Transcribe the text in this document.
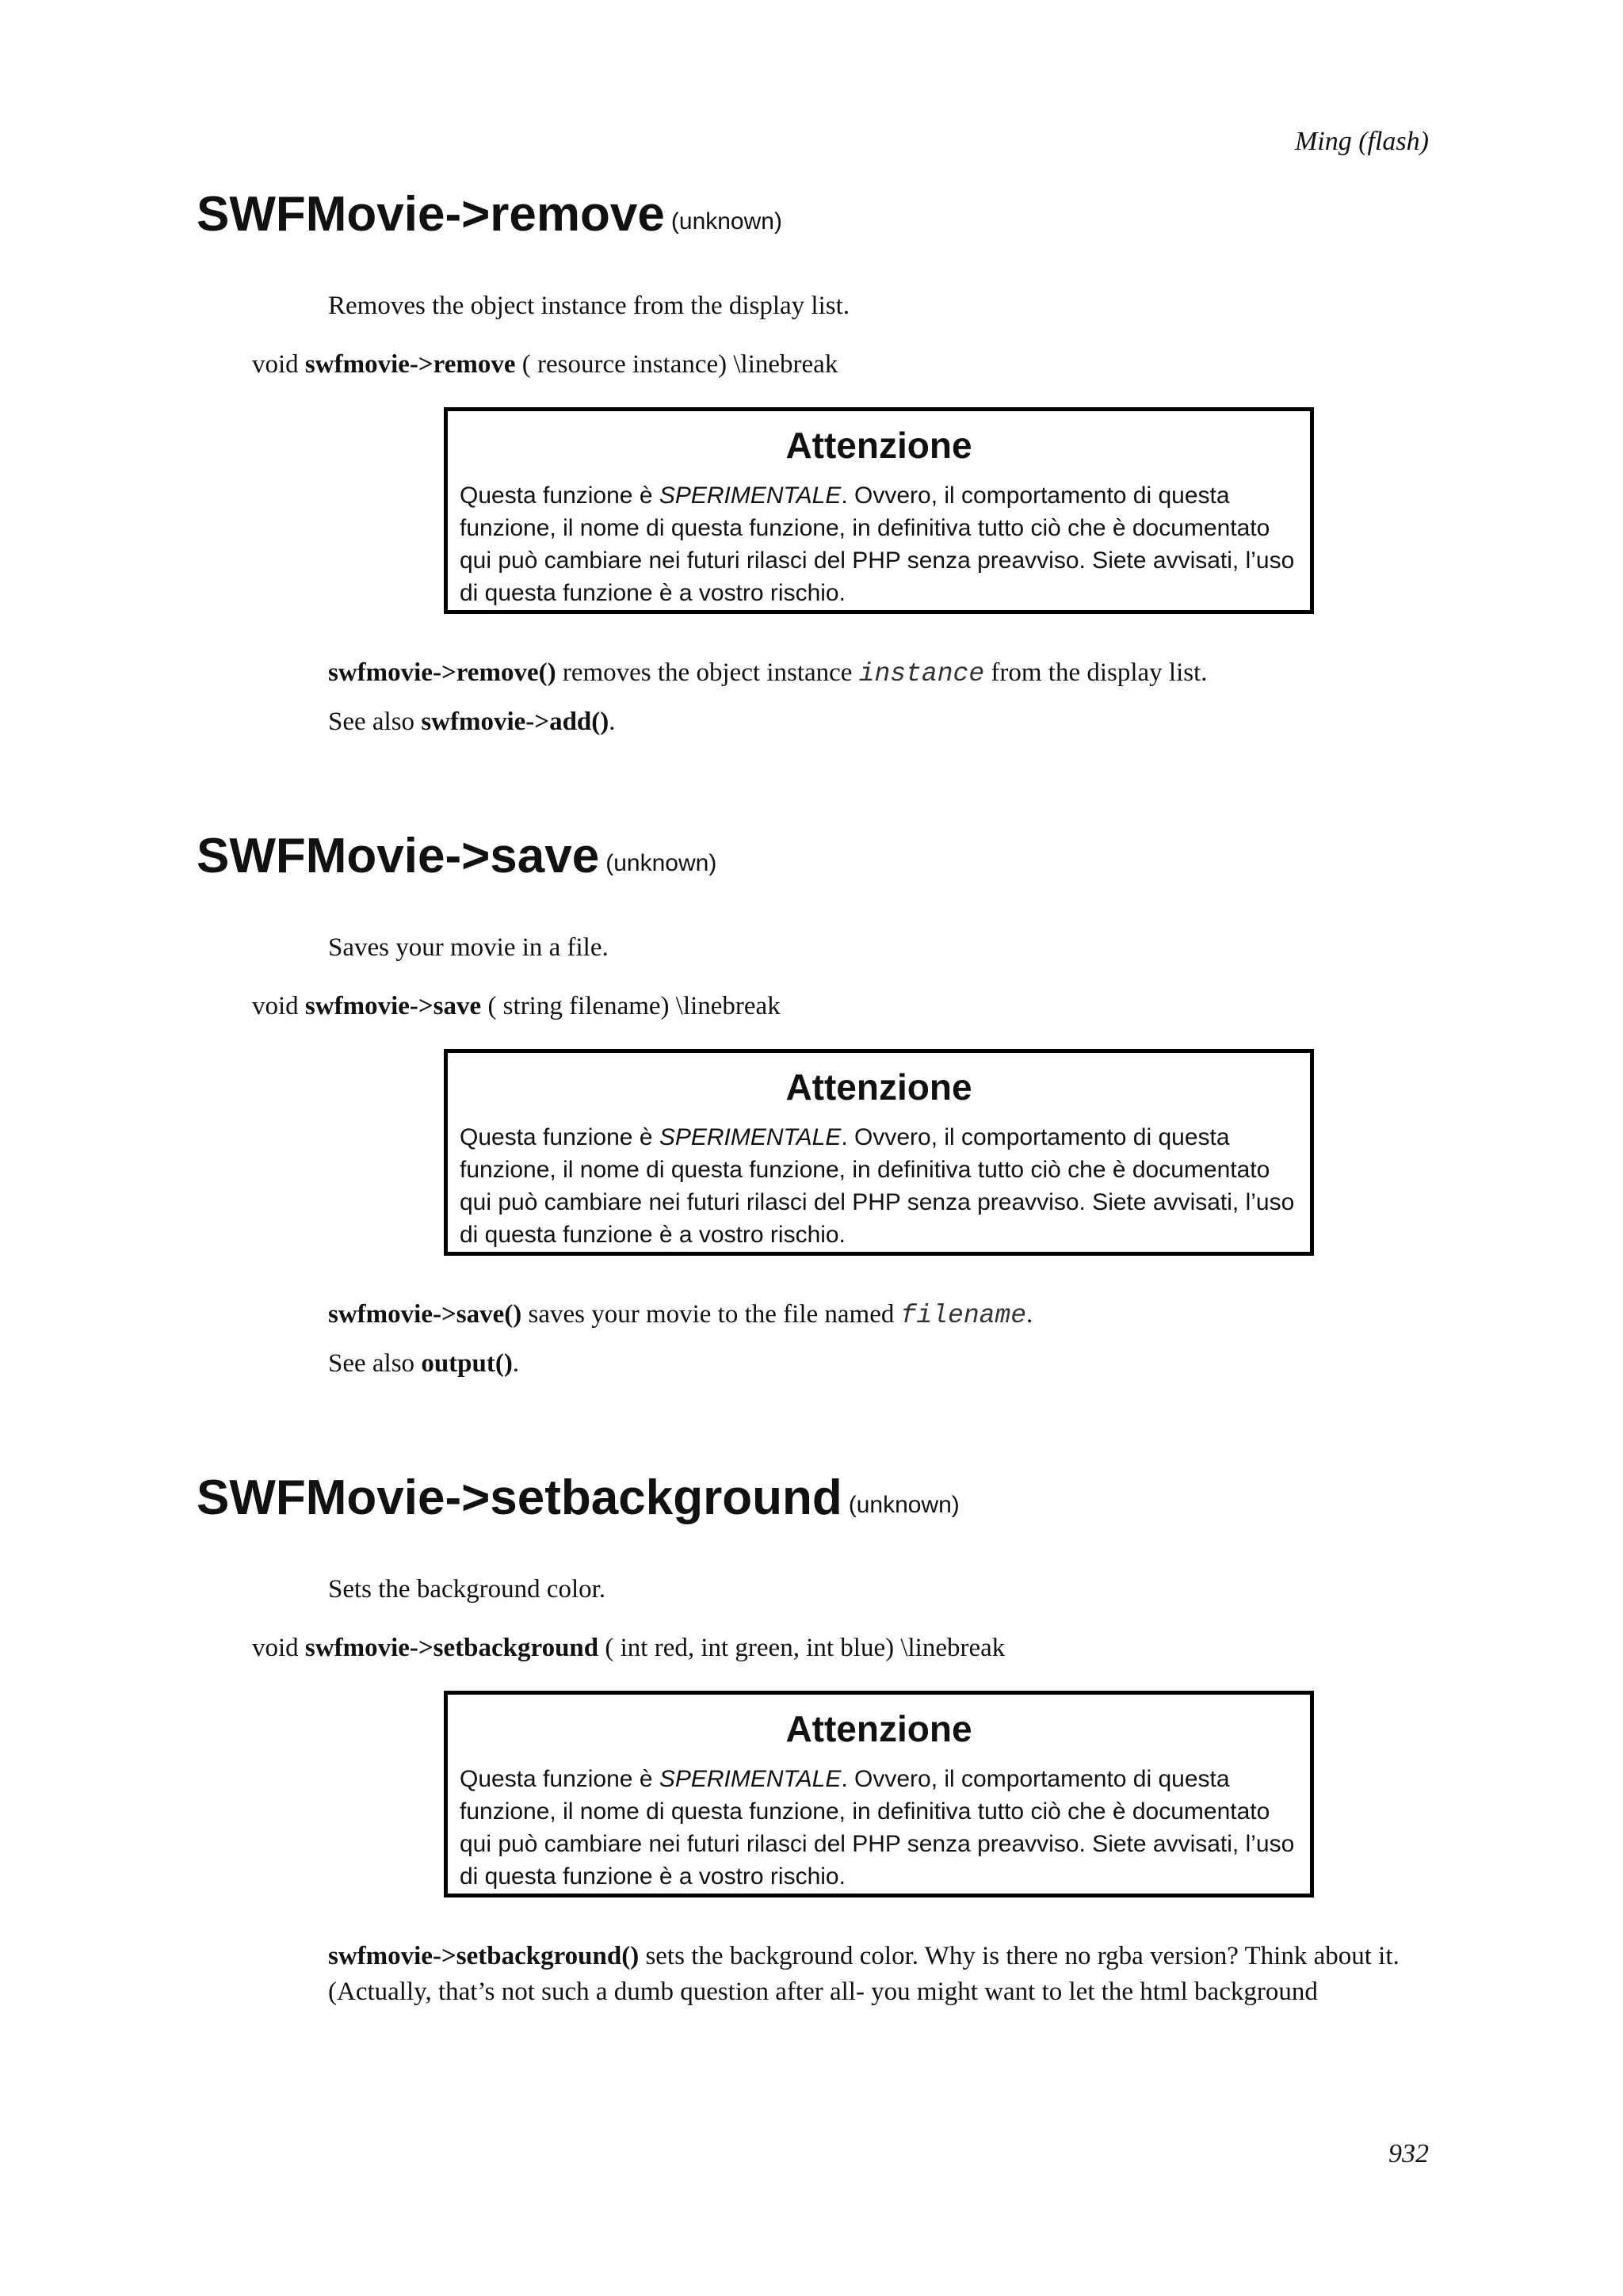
Ming (flash)
SWFMovie->remove (unknown)
Removes the object instance from the display list.
void swfmovie->remove ( resource instance) \linebreak
Attenzione
Questa funzione è SPERIMENTALE. Ovvero, il comportamento di questa funzione, il nome di questa funzione, in definitiva tutto ciò che è documentato qui può cambiare nei futuri rilasci del PHP senza preavviso. Siete avvisati, l’uso di questa funzione è a vostro rischio.
swfmovie->remove() removes the object instance instance from the display list.
See also swfmovie->add().
SWFMovie->save (unknown)
Saves your movie in a file.
void swfmovie->save ( string filename) \linebreak
Attenzione
Questa funzione è SPERIMENTALE. Ovvero, il comportamento di questa funzione, il nome di questa funzione, in definitiva tutto ciò che è documentato qui può cambiare nei futuri rilasci del PHP senza preavviso. Siete avvisati, l’uso di questa funzione è a vostro rischio.
swfmovie->save() saves your movie to the file named filename.
See also output().
SWFMovie->setbackground (unknown)
Sets the background color.
void swfmovie->setbackground ( int red, int green, int blue) \linebreak
Attenzione
Questa funzione è SPERIMENTALE. Ovvero, il comportamento di questa funzione, il nome di questa funzione, in definitiva tutto ciò che è documentato qui può cambiare nei futuri rilasci del PHP senza preavviso. Siete avvisati, l’uso di questa funzione è a vostro rischio.
swfmovie->setbackground() sets the background color. Why is there no rgba version? Think about it. (Actually, that’s not such a dumb question after all- you might want to let the html background
932
